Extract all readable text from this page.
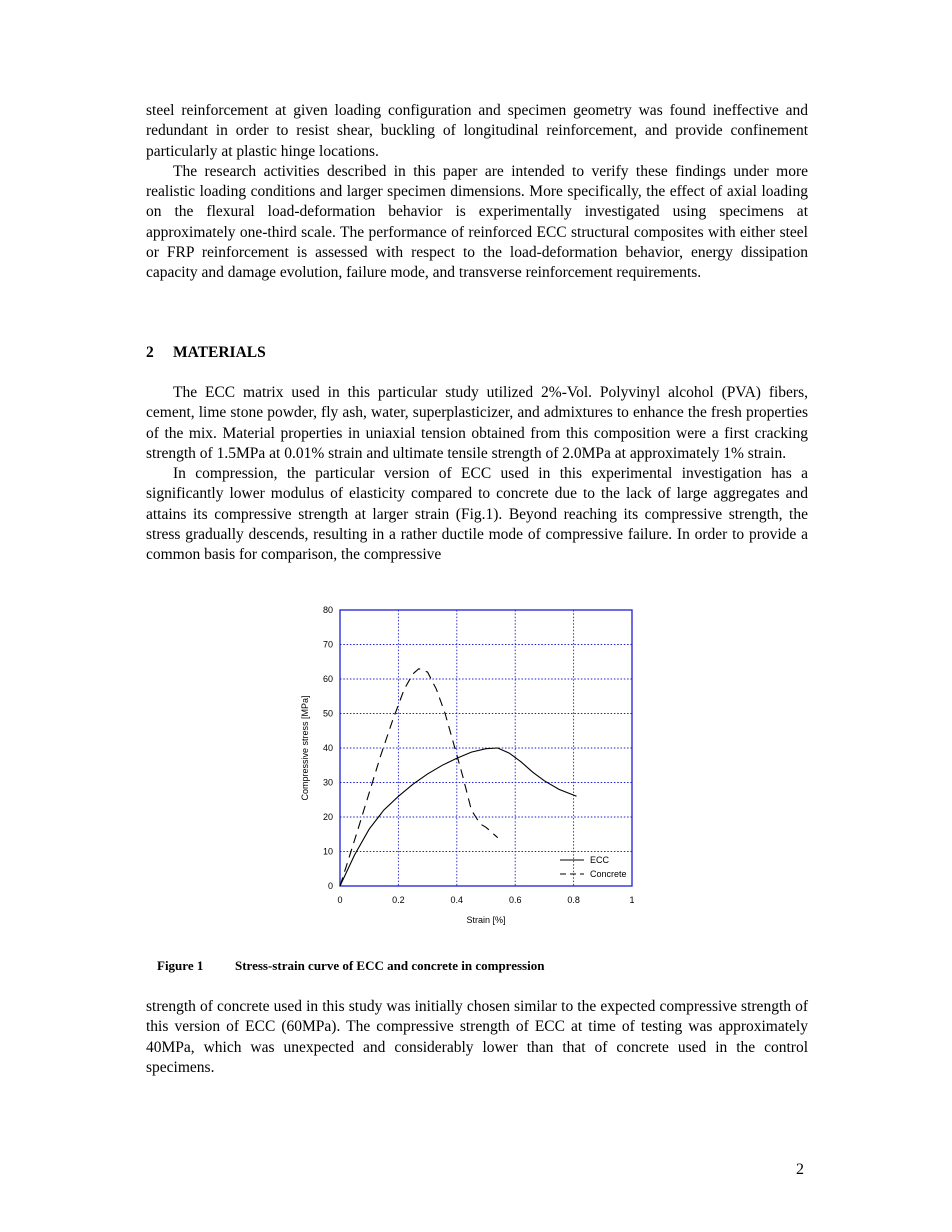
steel reinforcement at given loading configuration and specimen geometry was found ineffective and redundant in order to resist shear, buckling of longitudinal reinforcement, and provide confinement particularly at plastic hinge locations.

The research activities described in this paper are intended to verify these findings under more realistic loading conditions and larger specimen dimensions. More specifically, the effect of axial loading on the flexural load-deformation behavior is experimentally investigated using specimens at approximately one-third scale. The performance of reinforced ECC structural composites with either steel or FRP reinforcement is assessed with respect to the load-deformation behavior, energy dissipation capacity and damage evolution, failure mode, and transverse reinforcement requirements.

2 MATERIALS

The ECC matrix used in this particular study utilized 2%-Vol. Polyvinyl alcohol (PVA) fibers, cement, lime stone powder, fly ash, water, superplasticizer, and admixtures to enhance the fresh properties of the mix. Material properties in uniaxial tension obtained from this composition were a first cracking strength of 1.5MPa at 0.01% strain and ultimate tensile strength of 2.0MPa at approximately 1% strain.

In compression, the particular version of ECC used in this experimental investigation has a significantly lower modulus of elasticity compared to concrete due to the lack of large aggregates and attains its compressive strength at larger strain (Fig.1). Beyond reaching its compressive strength, the stress gradually descends, resulting in a rather ductile mode of compressive failure. In order to provide a common basis for comparison, the compressive

0	0.2	0.4	0.6	0.8	1
0
10
20
30
40
50
60
70
80
Strain [%]
Compressive stress [MPa]
ECC
Concrete
Figure 1 Stress-strain curve of ECC and concrete in compression

strength of concrete used in this study was initially chosen similar to the expected compressive strength of this version of ECC (60MPa). The compressive strength of ECC at time of testing was approximately 40MPa, which was unexpected and considerably lower than that of concrete used in the control specimens.

2
